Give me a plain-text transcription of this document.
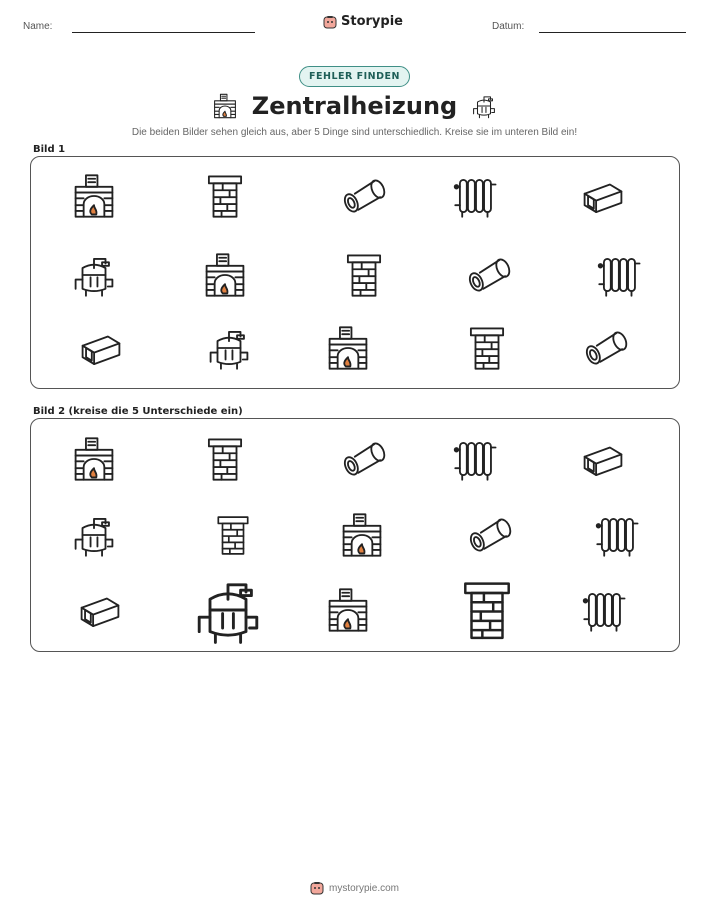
Name:	Storypie	Datum:
FEHLER FINDEN
Zentralheizung
Die beiden Bilder sehen gleich aus, aber 5 Dinge sind unterschiedlich. Kreise sie im unteren Bild ein!
Bild 1
Bild 2 (kreise die 5 Unterschiede ein)
mystorypie.com
